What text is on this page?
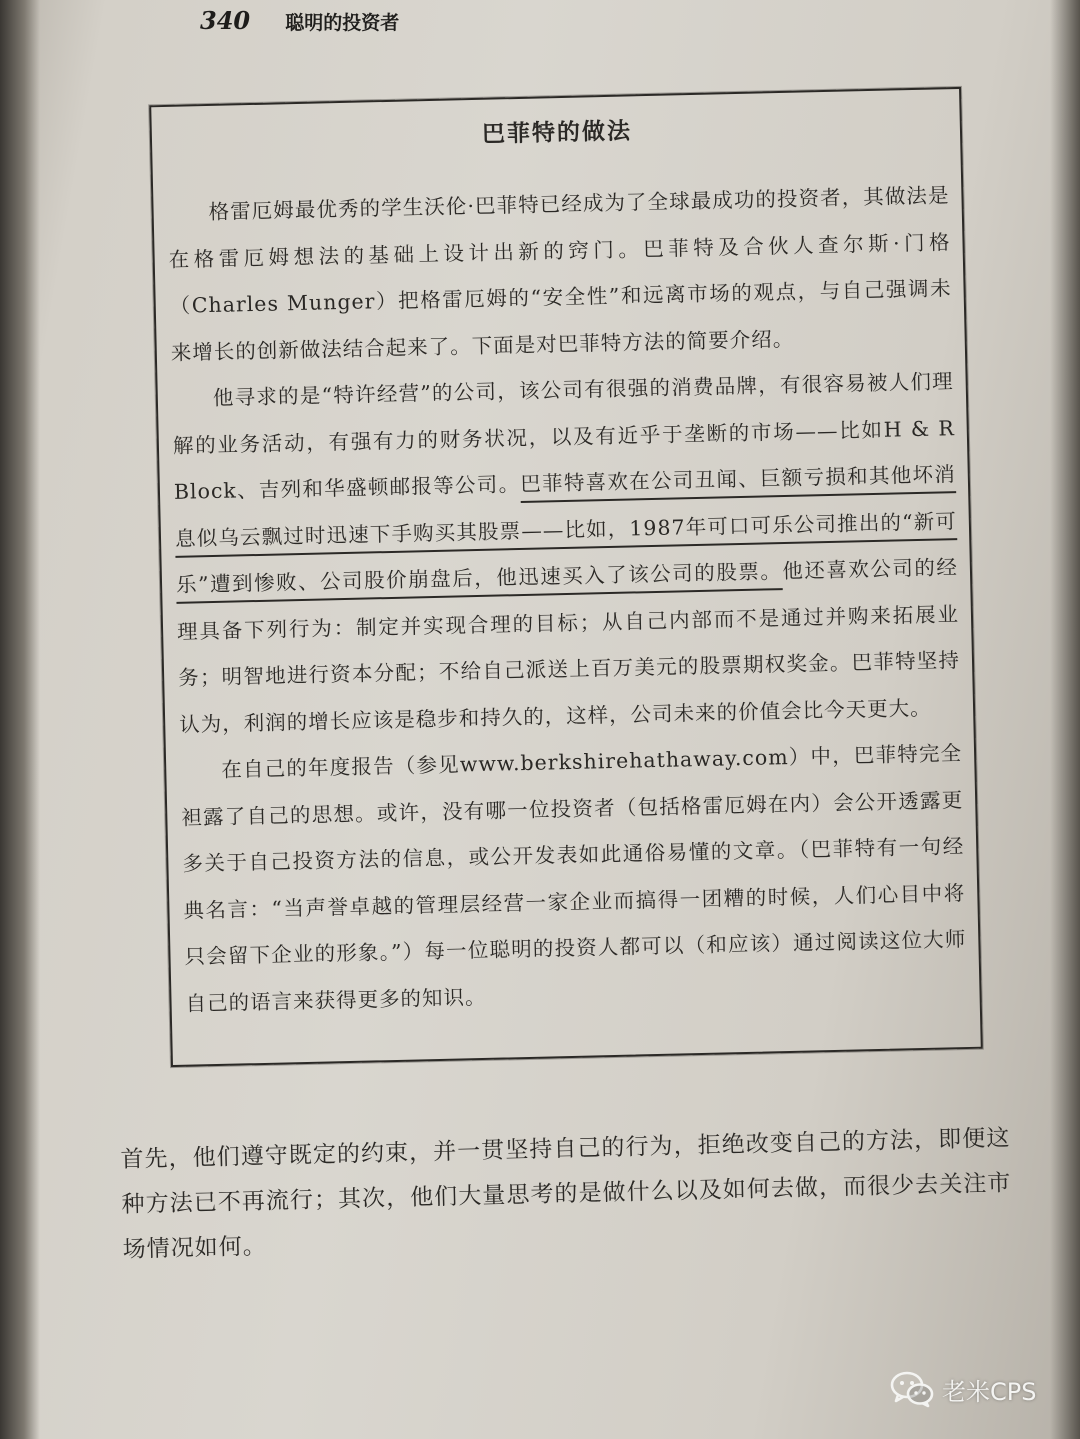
340 聪明的投资者
巴菲特的做法

格雷厄姆最优秀的学生沃伦·巴菲特已经成为了全球最成功的投资者，其做法是在格雷厄姆想法的基础上设计出新的窍门。巴菲特及合伙人查尔斯·门格（Charles Munger）把格雷厄姆的“安全性”和远离市场的观点，与自己强调未来增长的创新做法结合起来了。下面是对巴菲特方法的简要介绍。

他寻求的是“特许经营”的公司，该公司有很强的消费品牌，有很容易被人们理解的业务活动，有强有力的财务状况，以及有近乎于垄断的市场——比如H & R Block、吉列和华盛顿邮报等公司。巴菲特喜欢在公司丑闻、巨额亏损和其他坏消息似乌云飘过时迅速下手购买其股票——比如，1987年可口可乐公司推出的“新可乐”遭到惨败、公司股价崩盘后，他迅速买入了该公司的股票。他还喜欢公司的经理具备下列行为：制定并实现合理的目标；从自己内部而不是通过并购来拓展业务；明智地进行资本分配；不给自己派送上百万美元的股票期权奖金。巴菲特坚持认为，利润的增长应该是稳步和持久的，这样，公司未来的价值会比今天更大。

在自己的年度报告（参见www.berkshirehathaway.com）中，巴菲特完全袒露了自己的思想。或许，没有哪一位投资者（包括格雷厄姆在内）会公开透露更多关于自己投资方法的信息，或公开发表如此通俗易懂的文章。（巴菲特有一句经典名言：“当声誉卓越的管理层经营一家企业而搞得一团糟的时候，人们心目中将只会留下企业的形象。”）每一位聪明的投资人都可以（和应该）通过阅读这位大师自己的语言来获得更多的知识。

首先，他们遵守既定的约束，并一贯坚持自己的行为，拒绝改变自己的方法，即便这种方法已不再流行；其次，他们大量思考的是做什么以及如何去做，而很少去关注市场情况如何。
老米CPS
